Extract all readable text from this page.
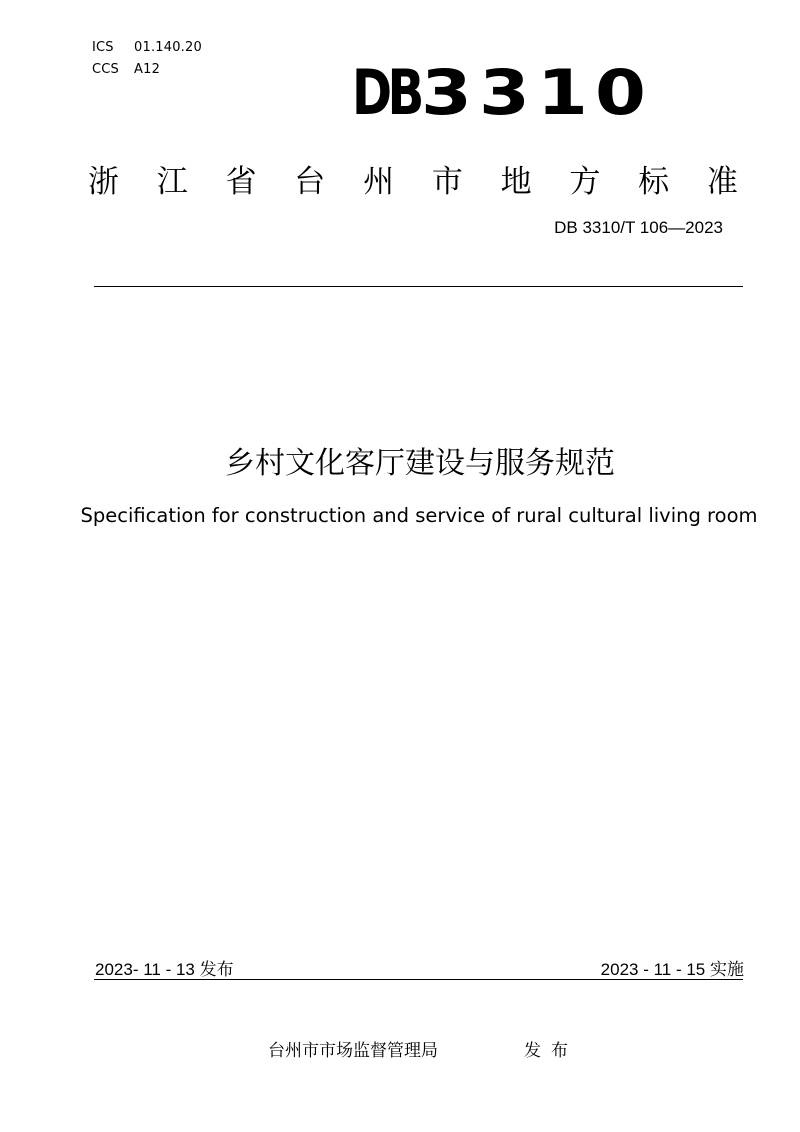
ICS 01.140.20
CCS A12	DB3310
浙 江 省 台 州 市 地 方 标 准
DB 3310/T 106—2023
乡村文化客厅建设与服务规范
Specification for construction and service of rural cultural living room
2023- 11 - 13 发布	2023 - 11 - 15 实施
台州市市场监督管理局	发布
